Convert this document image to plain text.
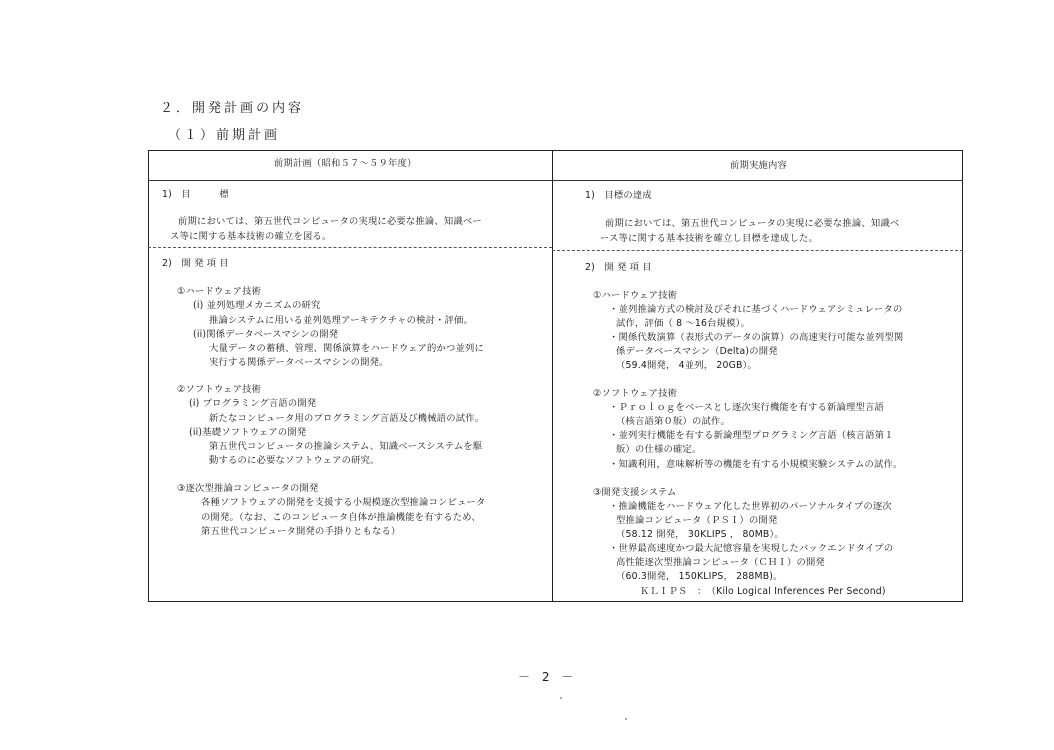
２．開発計画の内容
（１）前期計画
前期計画（昭和５７～５９年度）	前期実施内容
1)　目　　　標
前期においては、第五世代コンピュータの実現に必要な推論、知識ベー
ス等に関する基本技術の確立を図る。
2)　開 発 項 目
①ハードウェア技術
(i) 並列処理メカニズムの研究
推論システムに用いる並列処理アーキテクチャの検討・評価。
(ii)関係データベースマシンの開発
大量データの蓄積、管理、関係演算をハードウェア的かつ並列に
実行する関係データベースマシンの開発。
②ソフトウェア技術
(i) プログラミング言語の開発
新たなコンピュータ用のプログラミング言語及び機械語の試作。
(ii)基礎ソフトウェアの開発
第五世代コンピュータの推論システム、知識ベースシステムを駆
動するのに必要なソフトウェアの研究。
③逐次型推論コンピュータの開発
各種ソフトウェアの開発を支援する小規模逐次型推論コンピュータ
の開発。（なお、このコンピュータ自体が推論機能を有するため、
第五世代コンピュータ開発の手掛りともなる）
1)　目標の達成
前期においては、第五世代コンピュータの実現に必要な推論、知識ベ
ース等に関する基本技術を確立し目標を達成した。
2)　開 発 項 目
①ハードウェア技術
・並列推論方式の検討及びそれに基づくハードウェアシミュレータの
試作，評価（ 8 ～16台規模）。
・関係代数演算（表形式のデータの演算）の高速実行可能な並列型関
係データベースマシン（Delta)の開発
（59.4開発， 4並列， 20GB）。
②ソフトウェア技術
・Ｐｒｏｌｏｇをベースとし逐次実行機能を有する新論理型言語
（核言語第０版）の試作。
・並列実行機能を有する新論理型プログラミング言語（核言語第１
版）の仕様の確定。
・知識利用，意味解析等の機能を有する小規模実験システムの試作。
③開発支援システム
・推論機能をハードウェア化した世界初のパーソナルタイプの逐次
型推論コンピュータ（ＰＳＩ）の開発
（58.12 開発， 30KLIPS ， 80MB）。
・世界最高速度かつ最大記憶容量を実現したバックエンドタイプの
高性能逐次型推論コンピュータ（ＣＨＩ）の開発
（60.3開発， 150KLIPS， 288MB)。
ＫＬＩＰＳ　：　（Kilo Logical Inferences Per Second)
－ 2 －
